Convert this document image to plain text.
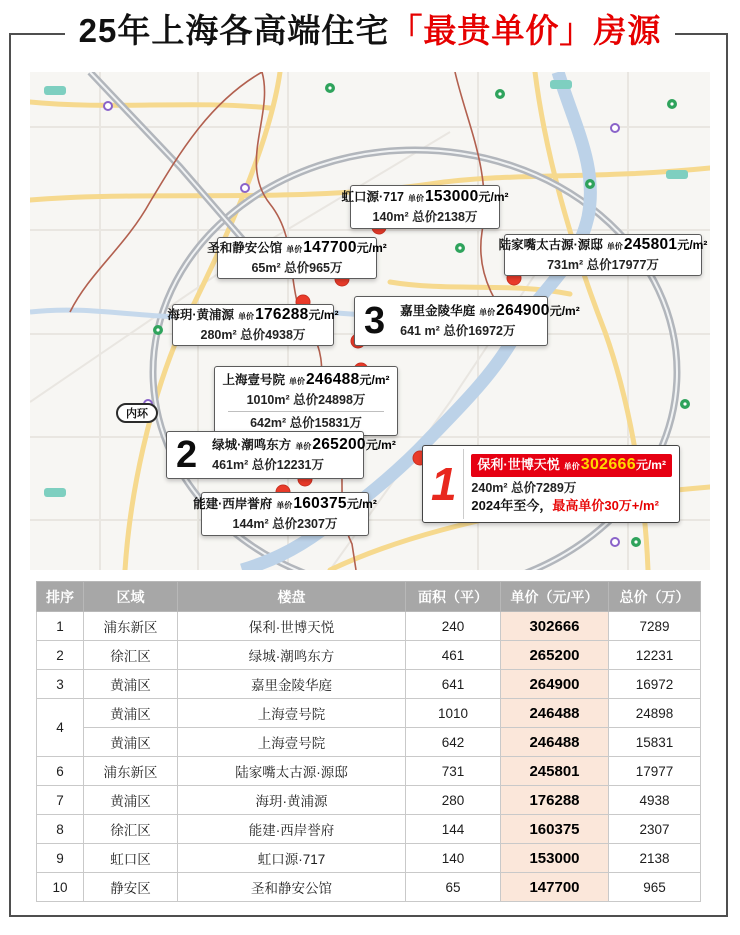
25年上海各高端住宅「最贵单价」房源
内环
虹口源·717 单价153000元/m²
140m² 总价2138万
圣和静安公馆 单价147700元/m²
65m² 总价965万
海玥·黄浦源 单价176288元/m²
280m² 总价4938万 3	嘉里金陵华庭 单价264900元/m²
641 m² 总价16972万
上海壹号院 单价246488元/m²
1010m² 总价24898万
642m² 总价15831万
2	绿城·潮鸣东方 单价265200元/m²
461m² 总价12231万
能建·西岸誉府 单价160375元/m²
144m² 总价2307万
1	保利·世博天悦 单价302666元/m²
240m² 总价7289万
2024年至今，最高单价30万+/m²
陆家嘴太古源·源邸 单价245801元/m²
731m² 总价17977万
排序	区域	楼盘	面积（平）	单价（元/平）	总价（万）
1	浦东新区	保利·世博天悦	240	302666	7289
2	徐汇区	绿城·潮鸣东方	461	265200	12231
3	黄浦区	嘉里金陵华庭	641	264900	16972
4	黄浦区	上海壹号院	1010	246488	24898
	黄浦区	上海壹号院	642	246488	15831
6	浦东新区	陆家嘴太古源·源邸	731	245801	17977
7	黄浦区	海玥·黄浦源	280	176288	4938
8	徐汇区	能建·西岸誉府	144	160375	2307
9	虹口区	虹口源·717	140	153000	2138
10	静安区	圣和静安公馆	65	147700	965
